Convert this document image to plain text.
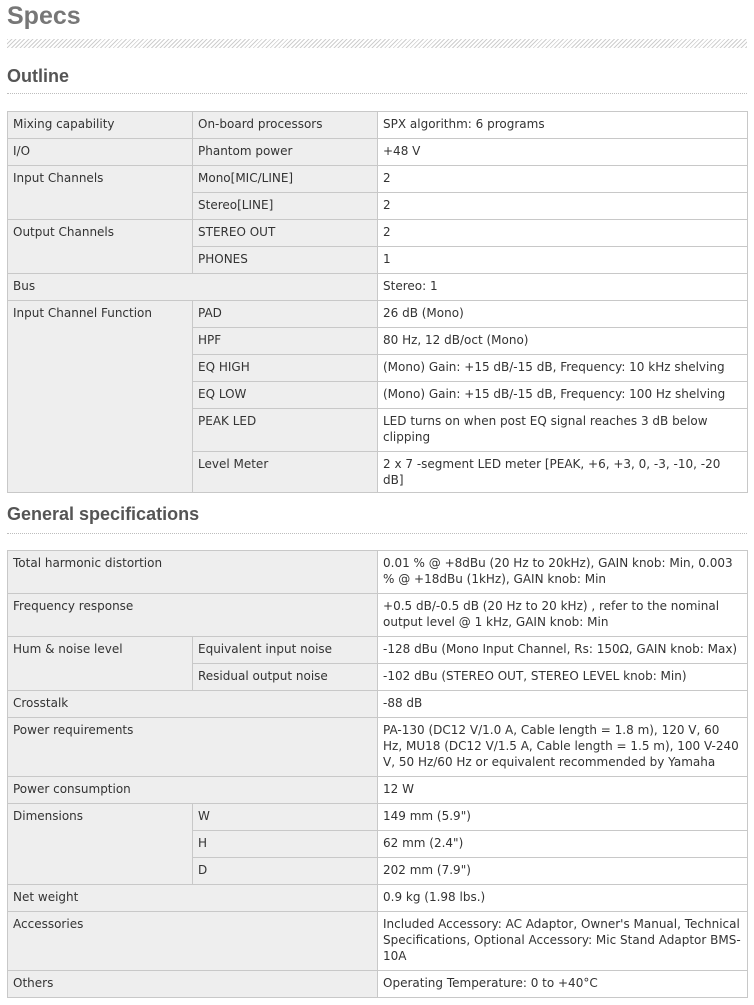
Specs
Outline
Mixing capability	On-board processors	SPX algorithm: 6 programs
I/O	Phantom power	+48 V
Input Channels	Mono[MIC/LINE]	2
	Stereo[LINE]	2
Output Channels	STEREO OUT	2
	PHONES	1
Bus		Stereo: 1
Input Channel Function	PAD	26 dB (Mono)
	HPF	80 Hz, 12 dB/oct (Mono)
	EQ HIGH	(Mono) Gain: +15 dB/-15 dB, Frequency: 10 kHz shelving
	EQ LOW	(Mono) Gain: +15 dB/-15 dB, Frequency: 100 Hz shelving
	PEAK LED	LED turns on when post EQ signal reaches 3 dB below clipping
	Level Meter	2 x 7 -segment LED meter [PEAK, +6, +3, 0, -3, -10, -20 dB]
General specifications
Total harmonic distortion		0.01 % @ +8dBu (20 Hz to 20kHz), GAIN knob: Min, 0.003 % @ +18dBu (1kHz), GAIN knob: Min
Frequency response		+0.5 dB/-0.5 dB (20 Hz to 20 kHz) , refer to the nominal output level @ 1 kHz, GAIN knob: Min
Hum & noise level	Equivalent input noise	-128 dBu (Mono Input Channel, Rs: 150Ω, GAIN knob: Max)
	Residual output noise	-102 dBu (STEREO OUT, STEREO LEVEL knob: Min)
Crosstalk		-88 dB
Power requirements		PA-130 (DC12 V/1.0 A, Cable length = 1.8 m), 120 V, 60 Hz, MU18 (DC12 V/1.5 A, Cable length = 1.5 m), 100 V-240 V, 50 Hz/60 Hz or equivalent recommended by Yamaha
Power consumption		12 W
Dimensions	W	149 mm (5.9")
	H	62 mm (2.4")
	D	202 mm (7.9")
Net weight		0.9 kg (1.98 lbs.)
Accessories		Included Accessory: AC Adaptor, Owner's Manual, Technical Specifications, Optional Accessory: Mic Stand Adaptor BMS-10A
Others		Operating Temperature: 0 to +40°C
